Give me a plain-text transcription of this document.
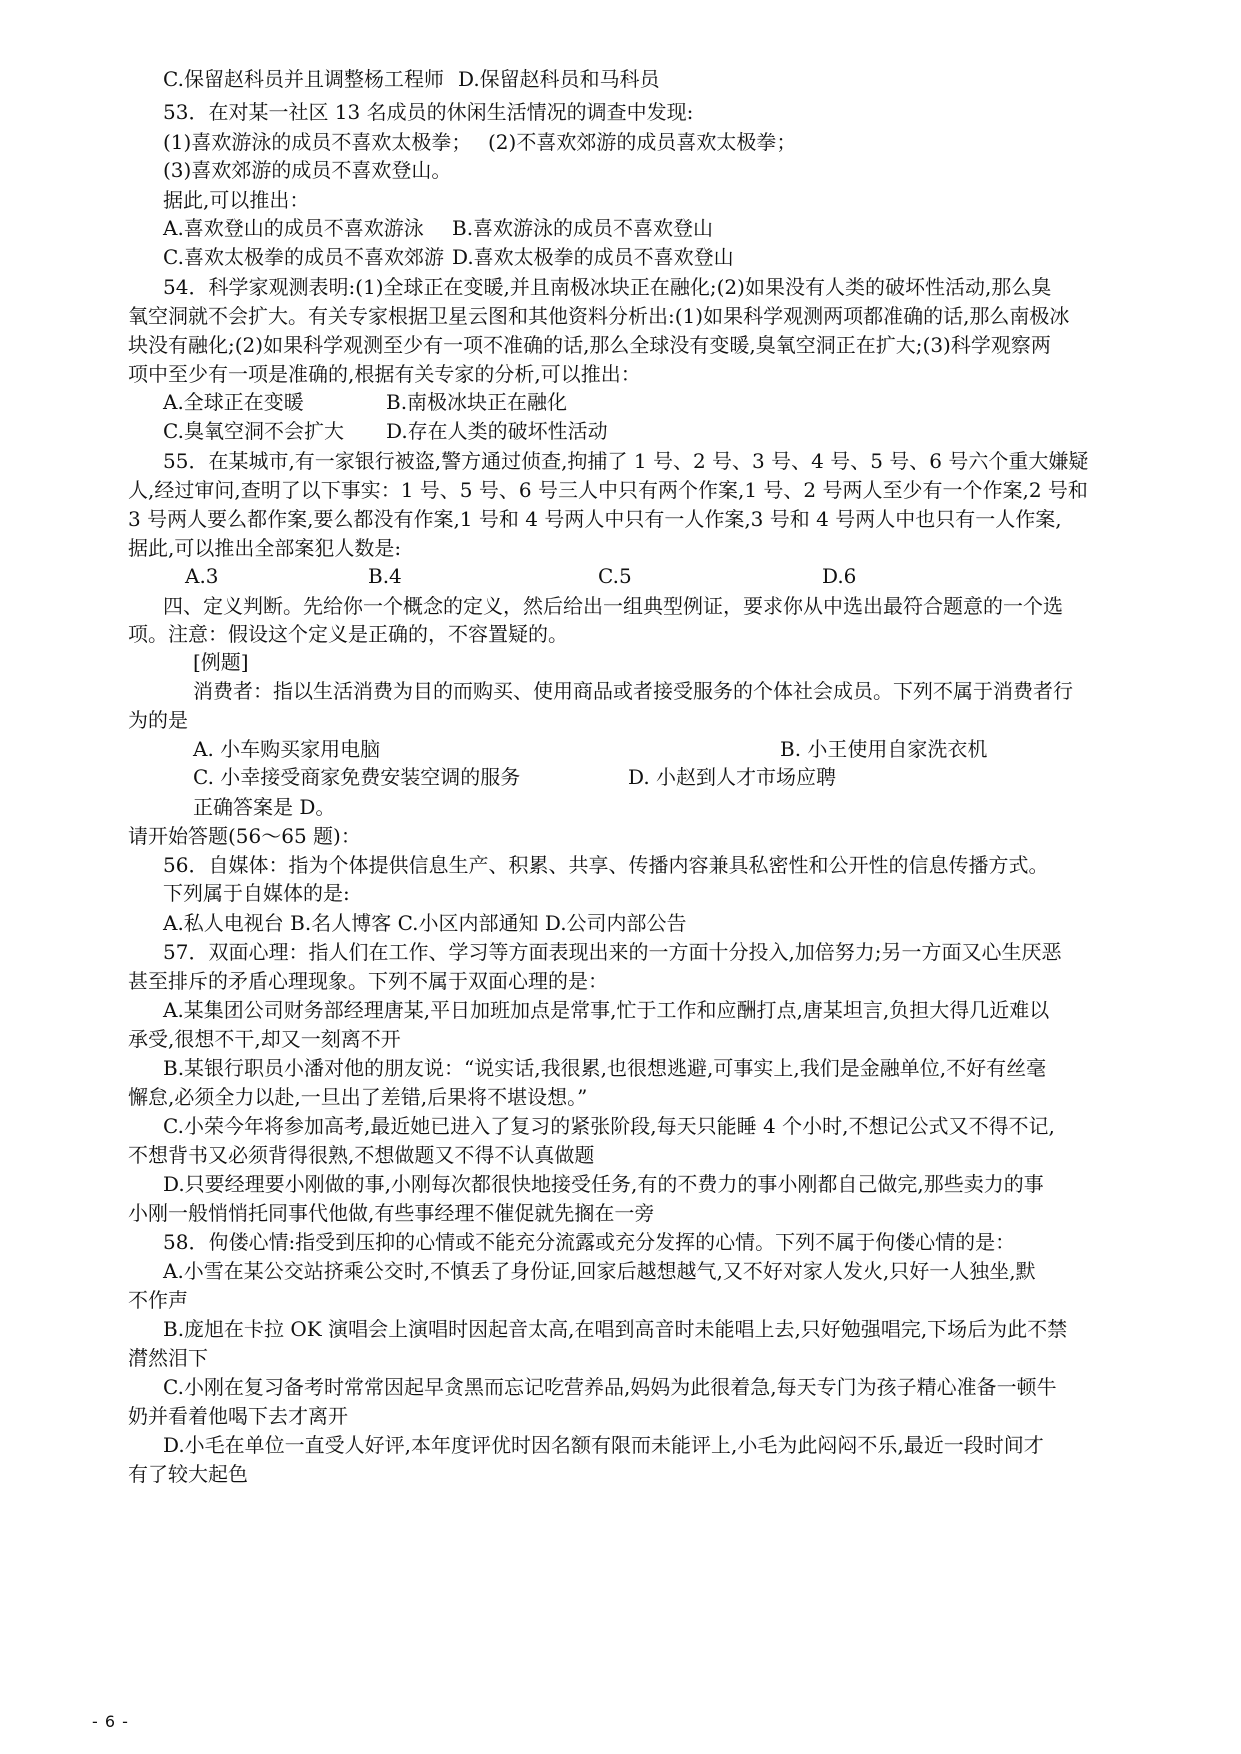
C.保留赵科员并且调整杨工程师 D.保留赵科员和马科员
53．在对某一社区 13 名成员的休闲生活情况的调查中发现:
(1)喜欢游泳的成员不喜欢太极拳； (2)不喜欢郊游的成员喜欢太极拳；
(3)喜欢郊游的成员不喜欢登山。
据此,可以推出：
A.喜欢登山的成员不喜欢游泳 B.喜欢游泳的成员不喜欢登山
C.喜欢太极拳的成员不喜欢郊游 D.喜欢太极拳的成员不喜欢登山
54．科学家观测表明:(1)全球正在变暖,并且南极冰块正在融化;(2)如果没有人类的破坏性活动,那么臭
氧空洞就不会扩大。有关专家根据卫星云图和其他资料分析出:(1)如果科学观测两项都准确的话,那么南极冰
块没有融化;(2)如果科学观测至少有一项不准确的话,那么全球没有变暖,臭氧空洞正在扩大;(3)科学观察两
项中至少有一项是准确的,根据有关专家的分析,可以推出：
A.全球正在变暖	B.南极冰块正在融化
C.臭氧空洞不会扩大 D.存在人类的破坏性活动
55．在某城市,有一家银行被盗,警方通过侦查,拘捕了 1 号、2 号、3 号、4 号、5 号、6 号六个重大嫌疑
人,经过审问,查明了以下事实：1 号、5 号、6 号三人中只有两个作案,1 号、2 号两人至少有一个作案,2 号和
3 号两人要么都作案,要么都没有作案,1 号和 4 号两人中只有一人作案,3 号和 4 号两人中也只有一人作案,
据此,可以推出全部案犯人数是:
A.3	B.4	C.5	D.6
四、定义判断。先给你一个概念的定义，然后给出一组典型例证，要求你从中选出最符合题意的一个选
项。注意：假设这个定义是正确的，不容置疑的。
[例题]
消费者：指以生活消费为目的而购买、使用商品或者接受服务的个体社会成员。下列不属于消费者行
为的是
A. 小车购买家用电脑	B. 小王使用自家洗衣机
C. 小幸接受商家免费安装空调的服务	D. 小赵到人才市场应聘
正确答案是 D。
请开始答题(56～65 题)：
56．自媒体：指为个体提供信息生产、积累、共享、传播内容兼具私密性和公开性的信息传播方式。
下列属于自媒体的是:
A.私人电视台 B.名人博客 C.小区内部通知 D.公司内部公告
57．双面心理：指人们在工作、学习等方面表现出来的一方面十分投入,加倍努力;另一方面又心生厌恶
甚至排斥的矛盾心理现象。下列不属于双面心理的是：
A.某集团公司财务部经理唐某,平日加班加点是常事,忙于工作和应酬打点,唐某坦言,负担大得几近难以
承受,很想不干,却又一刻离不开
B.某银行职员小潘对他的朋友说：“说实话,我很累,也很想逃避,可事实上,我们是金融单位,不好有丝毫
懈怠,必须全力以赴,一旦出了差错,后果将不堪设想。”
C.小荣今年将参加高考,最近她已进入了复习的紧张阶段,每天只能睡 4 个小时,不想记公式又不得不记,
不想背书又必须背得很熟,不想做题又不得不认真做题
D.只要经理要小刚做的事,小刚每次都很快地接受任务,有的不费力的事小刚都自己做完,那些卖力的事
小刚一般悄悄托同事代他做,有些事经理不催促就先搁在一旁
58．佝偻心情:指受到压抑的心情或不能充分流露或充分发挥的心情。下列不属于佝偻心情的是：
A.小雪在某公交站挤乘公交时,不慎丢了身份证,回家后越想越气,又不好对家人发火,只好一人独坐,默
不作声
B.庞旭在卡拉 OK 演唱会上演唱时因起音太高,在唱到高音时未能唱上去,只好勉强唱完,下场后为此不禁
潸然泪下
C.小刚在复习备考时常常因起早贪黑而忘记吃营养品,妈妈为此很着急,每天专门为孩子精心准备一顿牛
奶并看着他喝下去才离开
D.小毛在单位一直受人好评,本年度评优时因名额有限而未能评上,小毛为此闷闷不乐,最近一段时间才
有了较大起色
- 6 -
